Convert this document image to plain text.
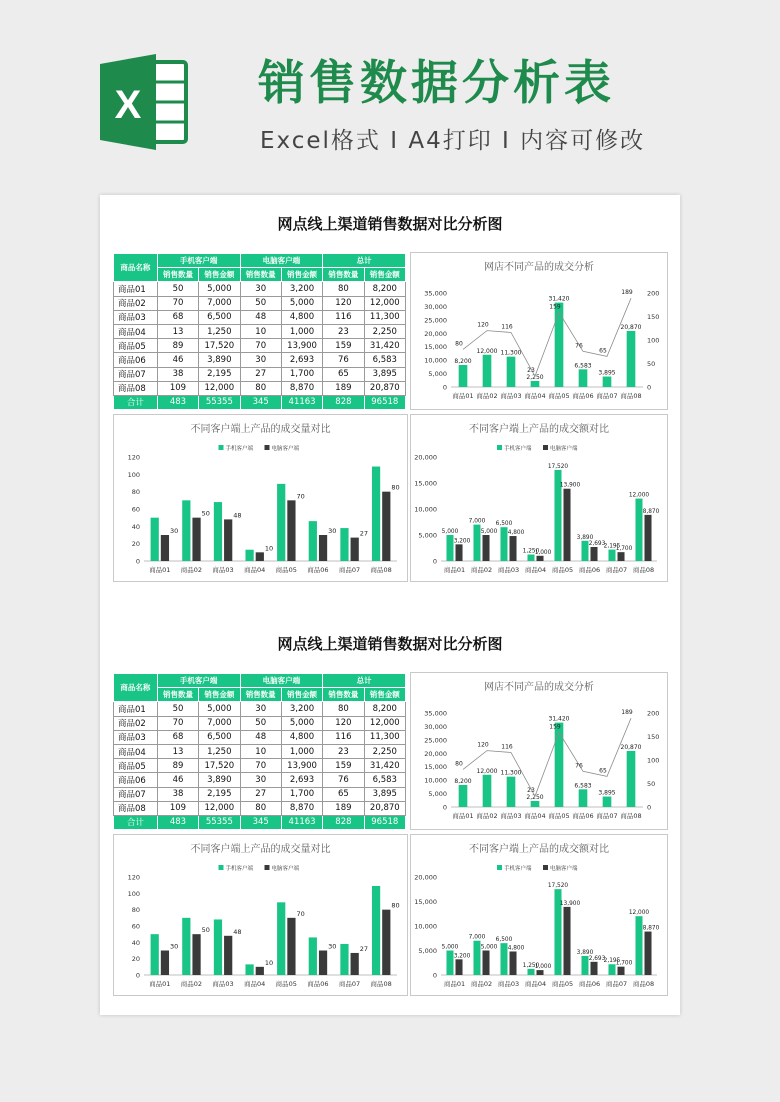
X 销售数据分析表
Excel格式 I A4打印 I 内容可修改
网点线上渠道销售数据对比分析图
商品名称	手机客户端		电脑客户端		总计	
	销售数量	销售金额	销售数量	销售金额	销售数量	销售金额
商品01	50	5,000	30	3,200	80	8,200
商品02	70	7,000	50	5,000	120	12,000
商品03	68	6,500	48	4,800	116	11,300
商品04	13	1,250	10	1,000	23	2,250
商品05	89	17,520	70	13,900	159	31,420
商品06	46	3,890	30	2,693	76	6,583
商品07	38	2,195	27	1,700	65	3,895
商品08	109	12,000	80	8,870	189	20,870
合计	483	55355	345	41163	828	96518
网店不同产品的成交分析
0
5,000
10,000
15,000
20,000
25,000
30,000
35,000
商品01 商品02 商品03 商品04 商品05 商品06 商品07 商品08
8,200
12,000 11,300
2,250
31,420
6,583
3,895
20,870
0
50
100
150
200
80
120 116
23
159
76
65
189
不同客户端上产品的成交量对比
0
20
40
60
80
100
120
手机客户端	电脑客户端
商品01 商品02 商品03 商品04 商品05 商品06 商品07 商品08
30
50	48
10
70
30	27
80
不同客户端上产品的成交额对比
0
5,000
10,000
15,000
20,000
手机客户端	电脑客户端
商品01 商品02 商品03 商品04 商品05 商品06 商品07 商品08
5,000
7,000 6,500
1,250
17,520
3,890
2,195
12,000
3,200
5,000 4,800
1,000
13,900
2,693
1,700
8,870
网点线上渠道销售数据对比分析图
商品名称	手机客户端		电脑客户端		总计	
	销售数量	销售金额	销售数量	销售金额	销售数量	销售金额
商品01	50	5,000	30	3,200	80	8,200
商品02	70	7,000	50	5,000	120	12,000
商品03	68	6,500	48	4,800	116	11,300
商品04	13	1,250	10	1,000	23	2,250
商品05	89	17,520	70	13,900	159	31,420
商品06	46	3,890	30	2,693	76	6,583
商品07	38	2,195	27	1,700	65	3,895
商品08	109	12,000	80	8,870	189	20,870
合计	483	55355	345	41163	828	96518
网店不同产品的成交分析
0
5,000
10,000
15,000
20,000
25,000
30,000
35,000
商品01 商品02 商品03 商品04 商品05 商品06 商品07 商品08
8,200
12,000 11,300
2,250
31,420
6,583
3,895
20,870
0
50
100
150
200
80
120 116
23
159
76
65
189
不同客户端上产品的成交量对比
0
20
40
60
80
100
120
手机客户端	电脑客户端
商品01 商品02 商品03 商品04 商品05 商品06 商品07 商品08
30
50	48
10
70
30	27
80
不同客户端上产品的成交额对比
0
5,000
10,000
15,000
20,000
手机客户端	电脑客户端
商品01 商品02 商品03 商品04 商品05 商品06 商品07 商品08
5,000
7,000 6,500
1,250
17,520
3,890
2,195
12,000
3,200
5,000 4,800
1,000
13,900
2,693
1,700
8,870
